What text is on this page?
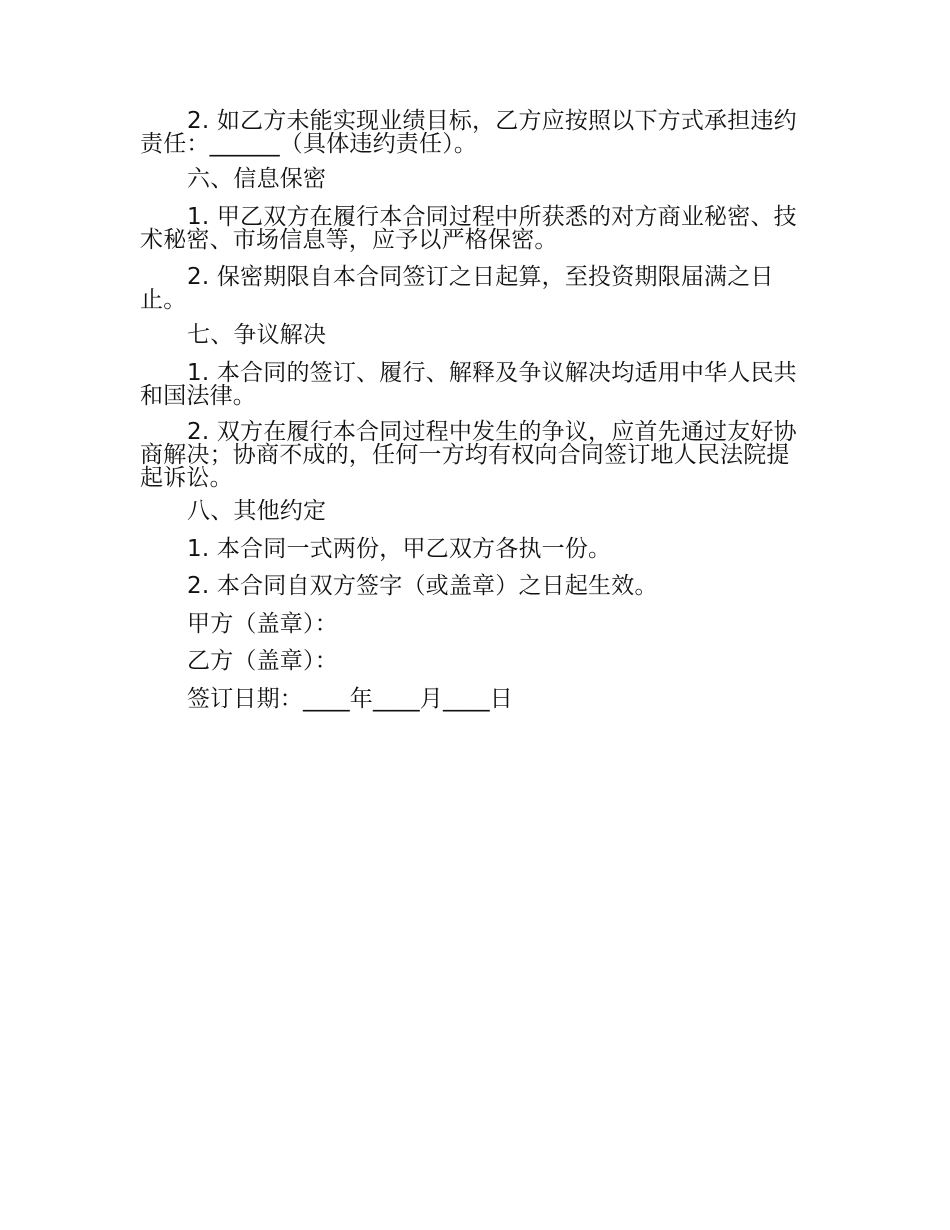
2. 如乙方未能实现业绩目标，乙方应按照以下方式承担违约责任：______（具体违约责任）。
六、信息保密
1. 甲乙双方在履行本合同过程中所获悉的对方商业秘密、技术秘密、市场信息等，应予以严格保密。
2. 保密期限自本合同签订之日起算，至投资期限届满之日止。
七、争议解决
1. 本合同的签订、履行、解释及争议解决均适用中华人民共和国法律。
2. 双方在履行本合同过程中发生的争议，应首先通过友好协商解决；协商不成的，任何一方均有权向合同签订地人民法院提起诉讼。
八、其他约定
1. 本合同一式两份，甲乙双方各执一份。
2. 本合同自双方签字（或盖章）之日起生效。
甲方（盖章）：
乙方（盖章）：
签订日期：____年____月____日
